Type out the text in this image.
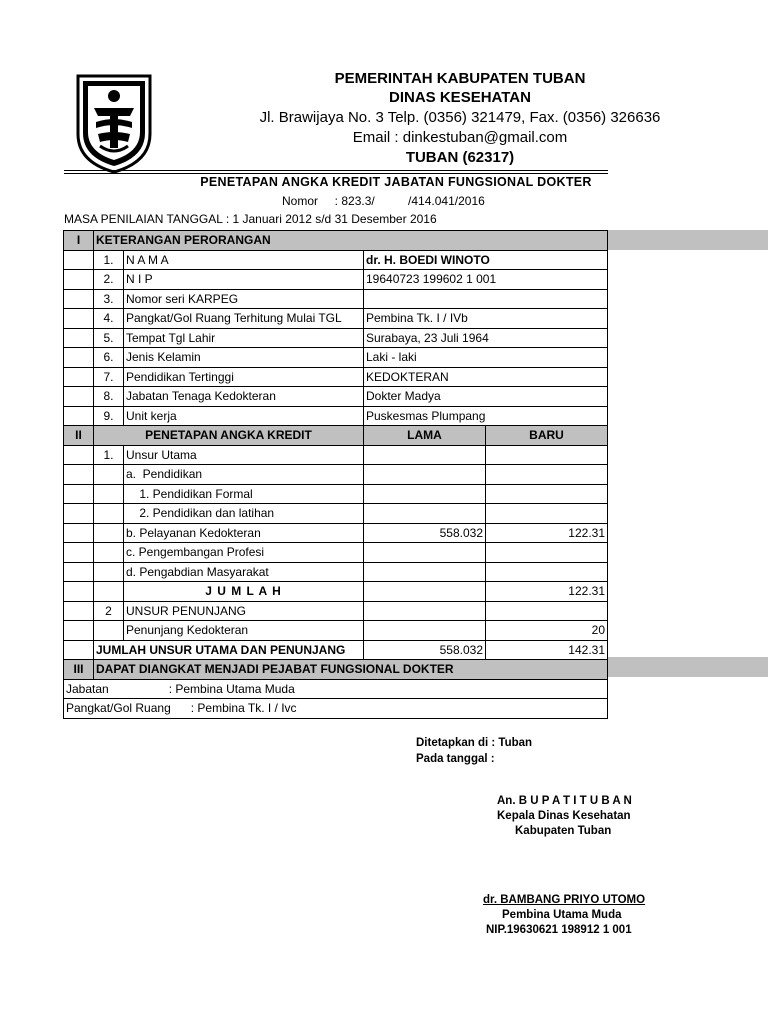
PEMERINTAH KABUPATEN TUBAN
DINAS KESEHATAN
Jl. Brawijaya No. 3 Telp. (0356) 321479, Fax. (0356) 326636
Email : dinkestuban@gmail.com
TUBAN (62317)
PENETAPAN ANGKA KREDIT JABATAN FUNGSIONAL DOKTER
Nomor     : 823.3/          /414.041/2016
MASA PENILAIAN TANGGAL : 1 Januari 2012 s/d 31 Desember 2016
I	KETERANGAN PERORANGAN			
	1.	N A M A	dr. H. BOEDI WINOTO	
	2.	N I P	19640723 199602 1 001	
	3.	Nomor seri KARPEG		
	4.	Pangkat/Gol Ruang Terhitung Mulai TGL	Pembina Tk. I / IVb	
	5.	Tempat Tgl Lahir	Surabaya, 23 Juli 1964	
	6.	Jenis Kelamin	Laki - laki	
	7.	Pendidikan Tertinggi	KEDOKTERAN	
	8.	Jabatan Tenaga Kedokteran	Dokter Madya	
	9.	Unit kerja	Puskesmas Plumpang	
II	PENETAPAN ANGKA KREDIT		LAMA	BARU
	1.	Unsur Utama		
		a.  Pendidikan		
		1. Pendidikan Formal		
		2. Pendidikan dan latihan		
		b. Pelayanan Kedokteran	558.032	122.31
		c. Pengembangan Profesi		
		d. Pengabdian Masyarakat		
		J U M L A H		122.31
	2	UNSUR PENUNJANG		
		Penunjang Kedokteran		20
	JUMLAH UNSUR UTAMA DAN PENUNJANG		558.032	142.31
III	DAPAT DIANGKAT MENJADI PEJABAT FUNGSIONAL DOKTER			
Jabatan                  : Pembina Utama Muda				
Pangkat/Gol Ruang      : Pembina Tk. I / Ivc				
Ditetapkan di : Tuban
Pada tanggal :
An. B U P A T I T U B A N
Kepala Dinas Kesehatan
Kabupaten Tuban
dr. BAMBANG PRIYO UTOMO
Pembina Utama Muda
NIP.19630621 198912 1 001
